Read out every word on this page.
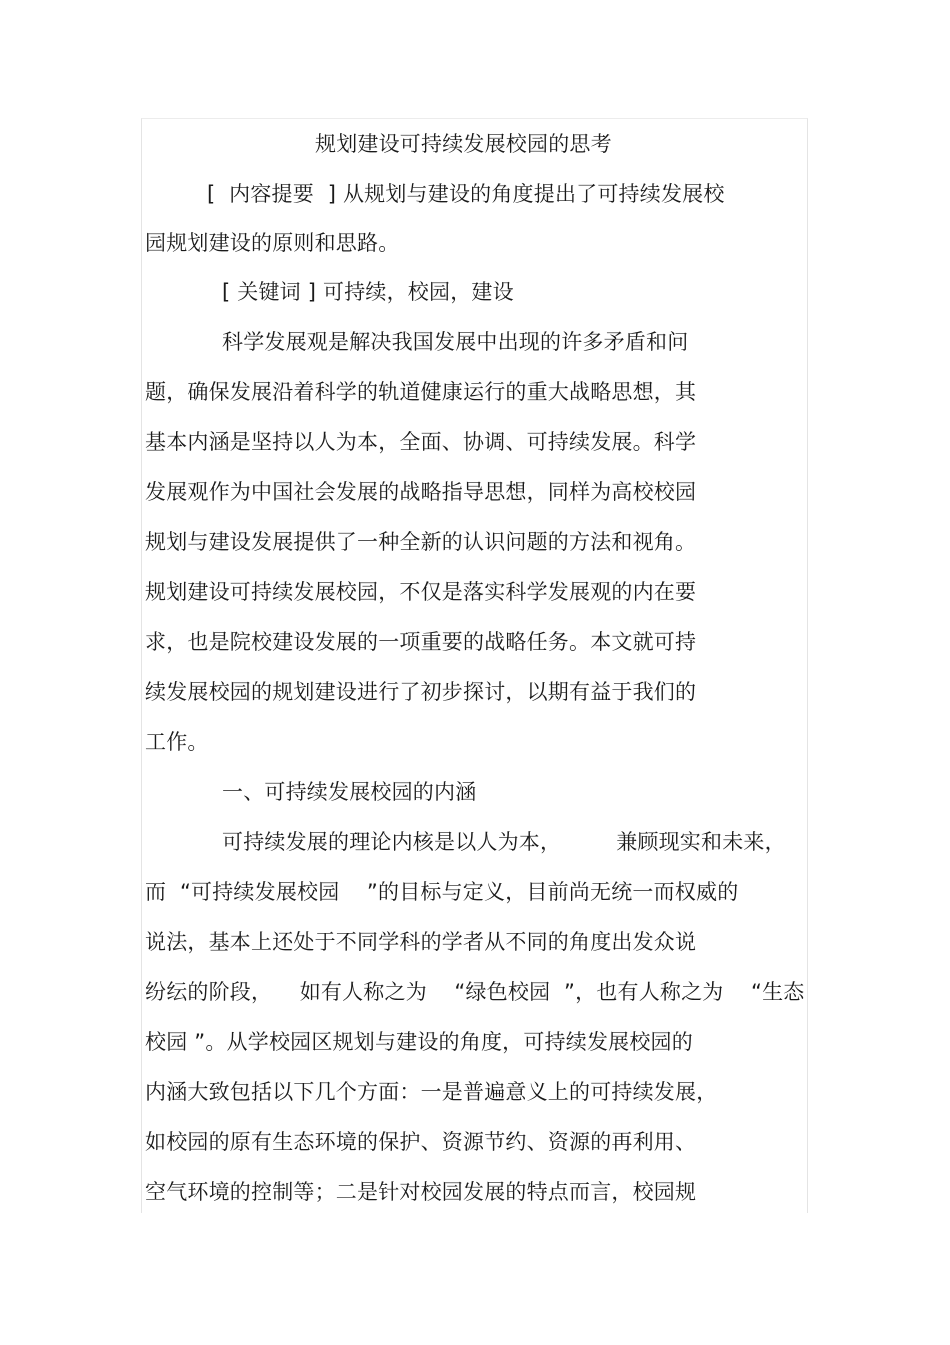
规划建设可持续发展校园的思考
[  内容提要  ] 从规划与建设的角度提出了可持续发展校
园规划建设的原则和思路。
[ 关键词 ] 可持续，校园，建设
科学发展观是解决我国发展中出现的许多矛盾和问
题，确保发展沿着科学的轨道健康运行的重大战略思想，其
基本内涵是坚持以人为本，全面、协调、可持续发展。科学
发展观作为中国社会发展的战略指导思想，同样为高校校园
规划与建设发展提供了一种全新的认识问题的方法和视角。
规划建设可持续发展校园，不仅是落实科学发展观的内在要
求，也是院校建设发展的一项重要的战略任务。本文就可持
续发展校园的规划建设进行了初步探讨，以期有益于我们的
工作。
一、可持续发展校园的内涵
可持续发展的理论内核是以人为本，        兼顾现实和未来，
而  “可持续发展校园    ”的目标与定义，目前尚无统一而权威的
说法，基本上还处于不同学科的学者从不同的角度出发众说
纷纭的阶段，    如有人称之为    “绿色校园  ”，也有人称之为    “生态
校园 ”。从学校园区规划与建设的角度，可持续发展校园的
内涵大致包括以下几个方面：一是普遍意义上的可持续发展，
如校园的原有生态环境的保护、资源节约、资源的再利用、
空气环境的控制等；二是针对校园发展的特点而言，校园规
